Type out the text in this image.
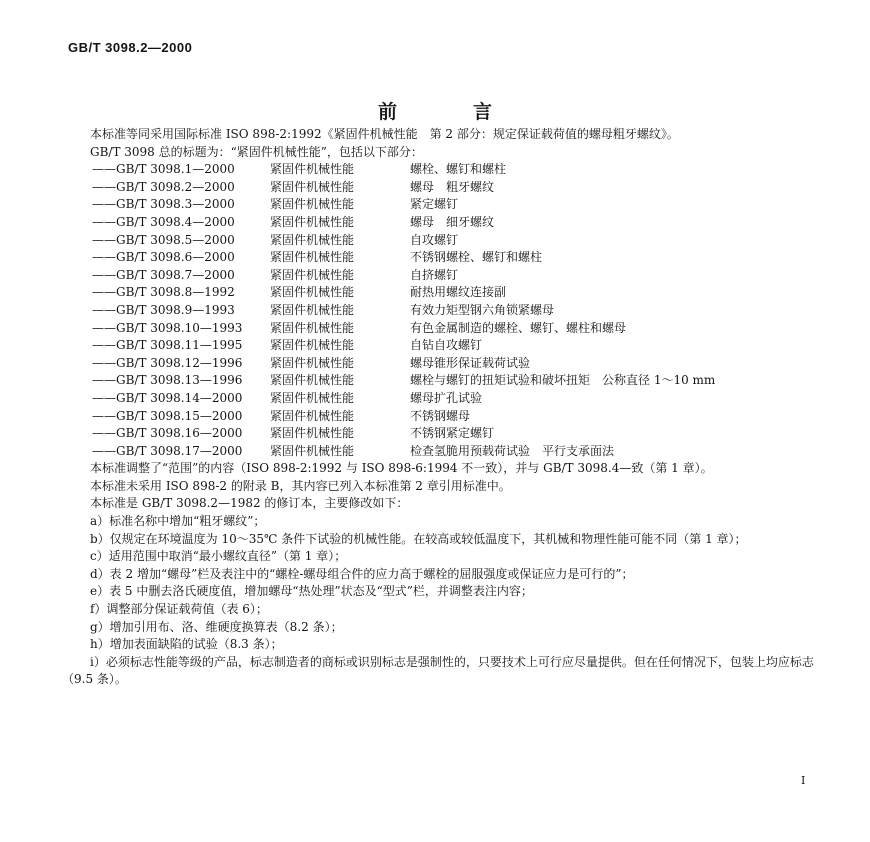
GB/T 3098.2—2000
前	言

本标准等同采用国际标准 ISO 898-2:1992《紧固件机械性能　第 2 部分：规定保证载荷值的螺母粗牙螺纹》。

GB/T 3098 总的标题为：“紧固件机械性能”，包括以下部分：

——GB/T 3098.1—2000	紧固件机械性能	螺栓、螺钉和螺柱
——GB/T 3098.2—2000	紧固件机械性能	螺母　粗牙螺纹
——GB/T 3098.3—2000	紧固件机械性能	紧定螺钉
——GB/T 3098.4—2000	紧固件机械性能	螺母　细牙螺纹
——GB/T 3098.5—2000	紧固件机械性能	自攻螺钉
——GB/T 3098.6—2000	紧固件机械性能	不锈钢螺栓、螺钉和螺柱
——GB/T 3098.7—2000	紧固件机械性能	自挤螺钉
——GB/T 3098.8—1992	紧固件机械性能	耐热用螺纹连接副
——GB/T 3098.9—1993	紧固件机械性能	有效力矩型钢六角锁紧螺母
——GB/T 3098.10—1993	紧固件机械性能	有色金属制造的螺栓、螺钉、螺柱和螺母
——GB/T 3098.11—1995	紧固件机械性能	自钻自攻螺钉
——GB/T 3098.12—1996	紧固件机械性能	螺母锥形保证载荷试验
——GB/T 3098.13—1996	紧固件机械性能	螺栓与螺钉的扭矩试验和破坏扭矩　公称直径 1～10 mm
——GB/T 3098.14—2000	紧固件机械性能	螺母扩孔试验
——GB/T 3098.15—2000	紧固件机械性能	不锈钢螺母
——GB/T 3098.16—2000	紧固件机械性能	不锈钢紧定螺钉
——GB/T 3098.17—2000	紧固件机械性能	检查氢脆用预载荷试验　平行支承面法

本标准调整了“范围”的内容（ISO 898-2:1992 与 ISO 898-6:1994 不一致），并与 GB/T 3098.4—致（第 1 章）。

本标准未采用 ISO 898-2 的附录 B，其内容已列入本标准第 2 章引用标准中。

本标准是 GB/T 3098.2—1982 的修订本，主要修改如下：

a）标准名称中增加“粗牙螺纹”；

b）仅规定在环境温度为 10～35℃ 条件下试验的机械性能。在较高或较低温度下，其机械和物理性能可能不同（第 1 章）；

c）适用范围中取消“最小螺纹直径”（第 1 章）；

d）表 2 增加“螺母”栏及表注中的“螺栓-螺母组合件的应力高于螺栓的屈服强度或保证应力是可行的”；

e）表 5 中删去洛氏硬度值，增加螺母“热处理”状态及“型式”栏，并调整表注内容；

f）调整部分保证载荷值（表 6）；

g）增加引用布、洛、维硬度换算表（8.2 条）；

h）增加表面缺陷的试验（8.3 条）；

i）必须标志性能等级的产品，标志制造者的商标或识别标志是强制性的，只要技术上可行应尽量提供。但在任何情况下，包装上均应标志（9.5 条）。

I
